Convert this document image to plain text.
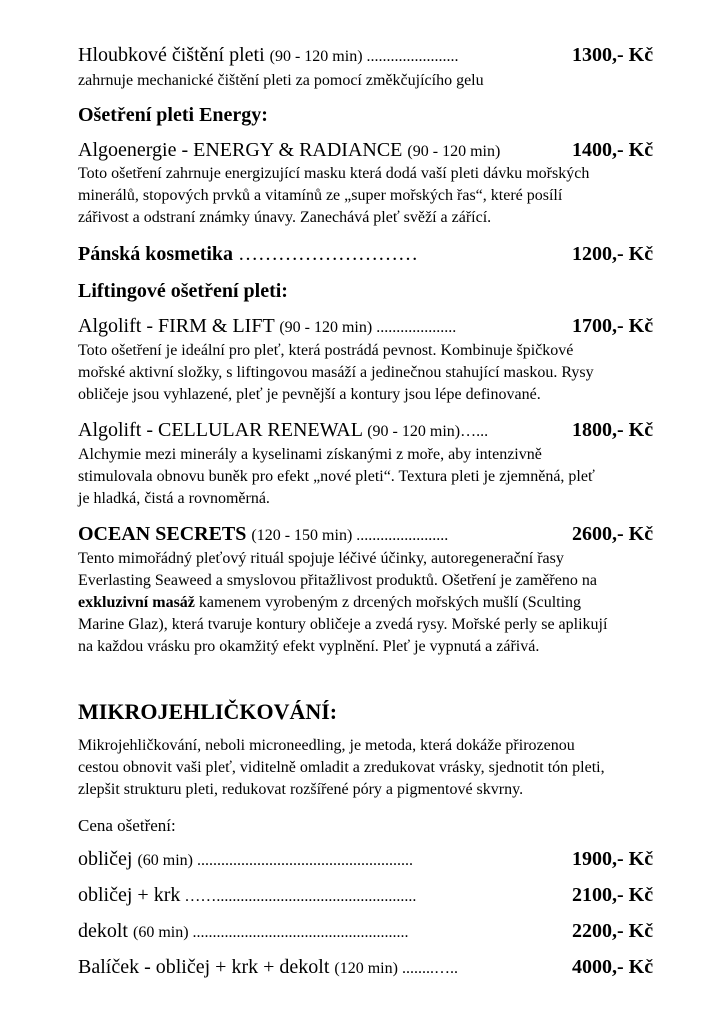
Hloubkové čištění pleti (90 - 120 min) .......................	1300,- Kč
zahrnuje mechanické čištění pleti za pomocí změkčujícího gelu
Ošetření pleti Energy:
Algoenergie - ENERGY & RADIANCE (90 - 120 min)	1400,- Kč

Toto ošetření zahrnuje energizující masku která dodá vaší pleti dávku mořských

minerálů, stopových prvků a vitamínů ze „super mořských řas“, které posílí

zářivost a odstraní známky únavy. Zanechává pleť svěží a zářící.

Pánská kosmetika ………………………	1200,- Kč
Liftingové ošetření pleti:
Algolift - FIRM & LIFT (90 - 120 min) ....................	1700,- Kč

Toto ošetření je ideální pro pleť, která postrádá pevnost. Kombinuje špičkové

mořské aktivní složky, s liftingovou masáží a jedinečnou stahující maskou. Rysy

obličeje jsou vyhlazené, pleť je pevnější a kontury jsou lépe definované.

Algolift - CELLULAR RENEWAL (90 - 120 min)…...	1800,- Kč

Alchymie mezi minerály a kyselinami získanými z moře, aby intenzivně

stimulovala obnovu buněk pro efekt „nové pleti“. Textura pleti je zjemněná, pleť

je hladká, čistá a rovnoměrná.

OCEAN SECRETS (120 - 150 min) .......................	2600,- Kč

Tento mimořádný pleťový rituál spojuje léčivé účinky, autoregenerační řasy

Everlasting Seaweed a smyslovou přitažlivost produktů. Ošetření je zaměřeno na

exkluzivní masáž kamenem vyrobeným z drcených mořských mušlí (Sculting

Marine Glaz), která tvaruje kontury obličeje a zvedá rysy. Mořské perly se aplikují

na každou vrásku pro okamžitý efekt vyplnění. Pleť je vypnutá a zářivá.

MIKROJEHLIČKOVÁNÍ:

Mikrojehličkování, neboli microneedling, je metoda, která dokáže přirozenou

cestou obnovit vaši pleť, viditelně omladit a zredukovat vrásky, sjednotit tón pleti,

zlepšit strukturu pleti, redukovat rozšířené póry a pigmentové skvrny.

Cena ošetření:
obličej (60 min) ......................................................	1900,- Kč
obličej + krk ……..................................................	2100,- Kč
dekolt (60 min) ......................................................	2200,- Kč
Balíček - obličej + krk + dekolt (120 min) ........…..	4000,- Kč
